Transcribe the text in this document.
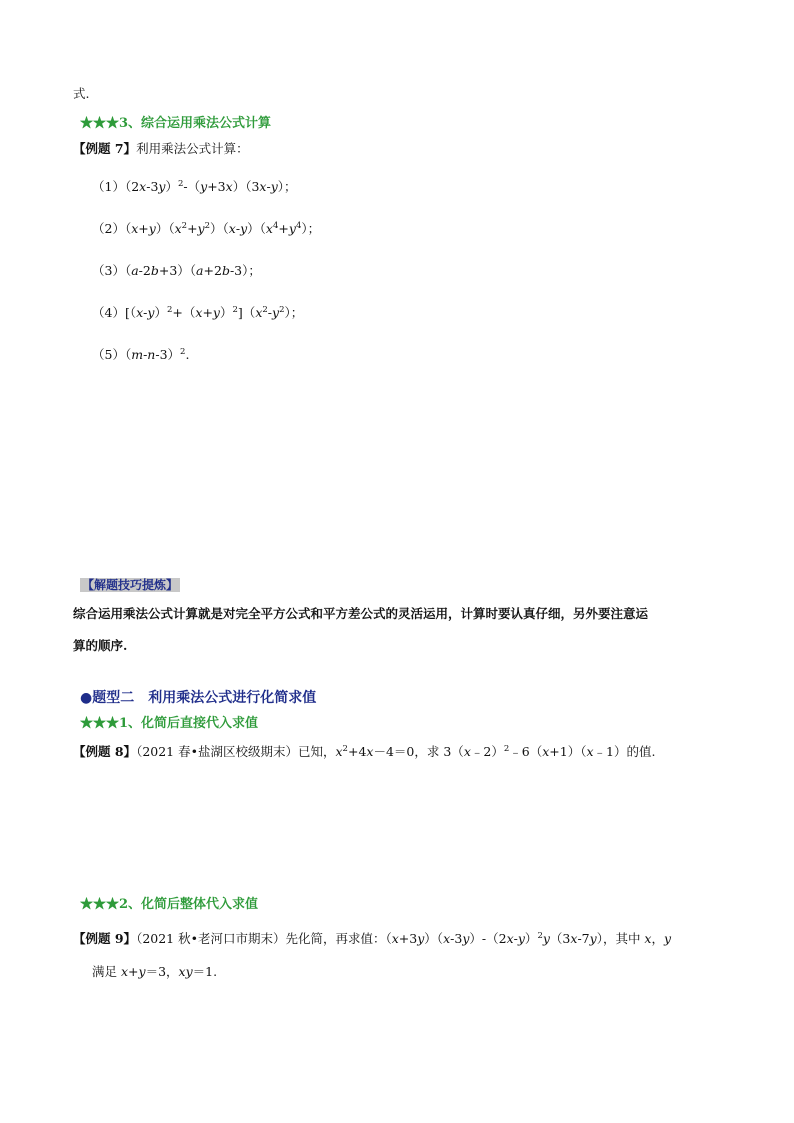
式.
★★★3、综合运用乘法公式计算
【例题 7】利用乘法公式计算：
$(1)(2x-3y)^2-(y+3x)(3x-y)$；
$(2)(x+y)(x^2+y^2)(x-y)(x^4+y^4)$；
（3）（a-2b+3）（a+2b-3）；
$(4)[(x-y)^2+(x+y)^2](x^2-y^2)$；
$(5)(m-n-3)^2$.
【解题技巧提炼】
综合运用乘法公式计算就是对完全平方公式和平方差公式的灵活运用，计算时要认真仔细，另外要注意运
算的顺序.
●题型二　利用乘法公式进行化简求值
★★★1、化简后直接代入求值
【例题 8】（2021 春•盐湖区校级期末）已知，$x^2+4x-4=0$，求 3（x﹣2）$^2$﹣6（x+1）（x﹣1）的值.
★★★2、化简后整体代入求值
【例题 9】（2021 秋•老河口市期末）先化简，再求值：$(x+3y)(x-3y)-(2x-y)^2y(3x-7y)$，其中 x，y
满足 x+y＝3，xy＝1.
